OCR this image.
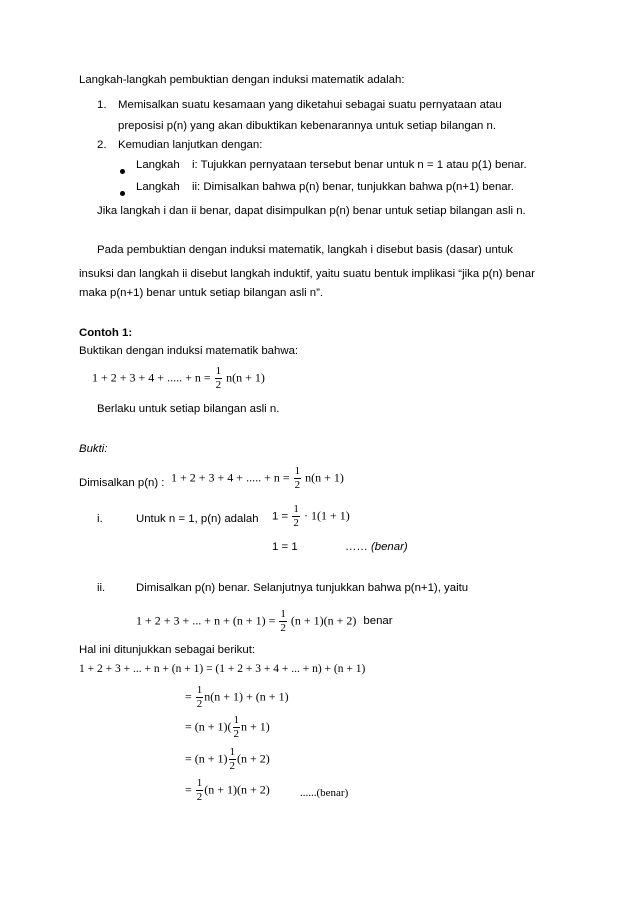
Langkah-langkah pembuktian dengan induksi matematik adalah:
1. Memisalkan suatu kesamaan yang diketahui sebagai suatu pernyataan atau
preposisi p(n) yang akan dibuktikan kebenarannya untuk setiap bilangan n.
2. Kemudian lanjutkan dengan:
Langkah i: Tujukkan pernyataan tersebut benar untuk n = 1 atau p(1) benar.
Langkah ii: Dimisalkan bahwa p(n) benar, tunjukkan bahwa p(n+1) benar.
Jika langkah i dan ii benar, dapat disimpulkan p(n) benar untuk setiap bilangan asli n.
Pada pembuktian dengan induksi matematik, langkah i disebut basis (dasar) untuk
insuksi dan langkah ii disebut langkah induktif, yaitu suatu bentuk implikasi “jika p(n) benar
maka p(n+1) benar untuk setiap bilangan asli n”.
Contoh 1:
Buktikan dengan induksi matematik bahwa:
1 + 2 + 3 + 4 + ..... + $n = \frac{1}{2} n(n + 1)$
Berlaku untuk setiap bilangan asli n.
Bukti:
Dimisalkan p(n) : 1 + 2 + 3 + 4 + ..... + $n = \frac{1}{2} n(n + 1)$
i.	Untuk n = 1, p(n) adalah $1 = \frac{1}{2} \cdot 1(1 + 1)$
1 = 1	…… (benar)
ii.	Dimisalkan p(n) benar. Selanjutnya tunjukkan bahwa p(n+1), yaitu
1 + 2 + 3 + ... + $n + (n + 1) = \frac{1}{2} (n + 1)(n + 2)$ benar
Hal ini ditunjukkan sebagai berikut:
1 + 2 + 3 + ... + n + (n + 1) = (1 + 2 + 3 + 4 + ... + n) + (n + 1)
= $\frac{1}{2} n(n + 1) + (n + 1)$
= $(n + 1)( \frac{1}{2}$ n + 1)
= $(n + 1) \frac{1}{2} (n + 2)$
= $\frac{1}{2} (n + 1)(n + 2)$	......(benar)
